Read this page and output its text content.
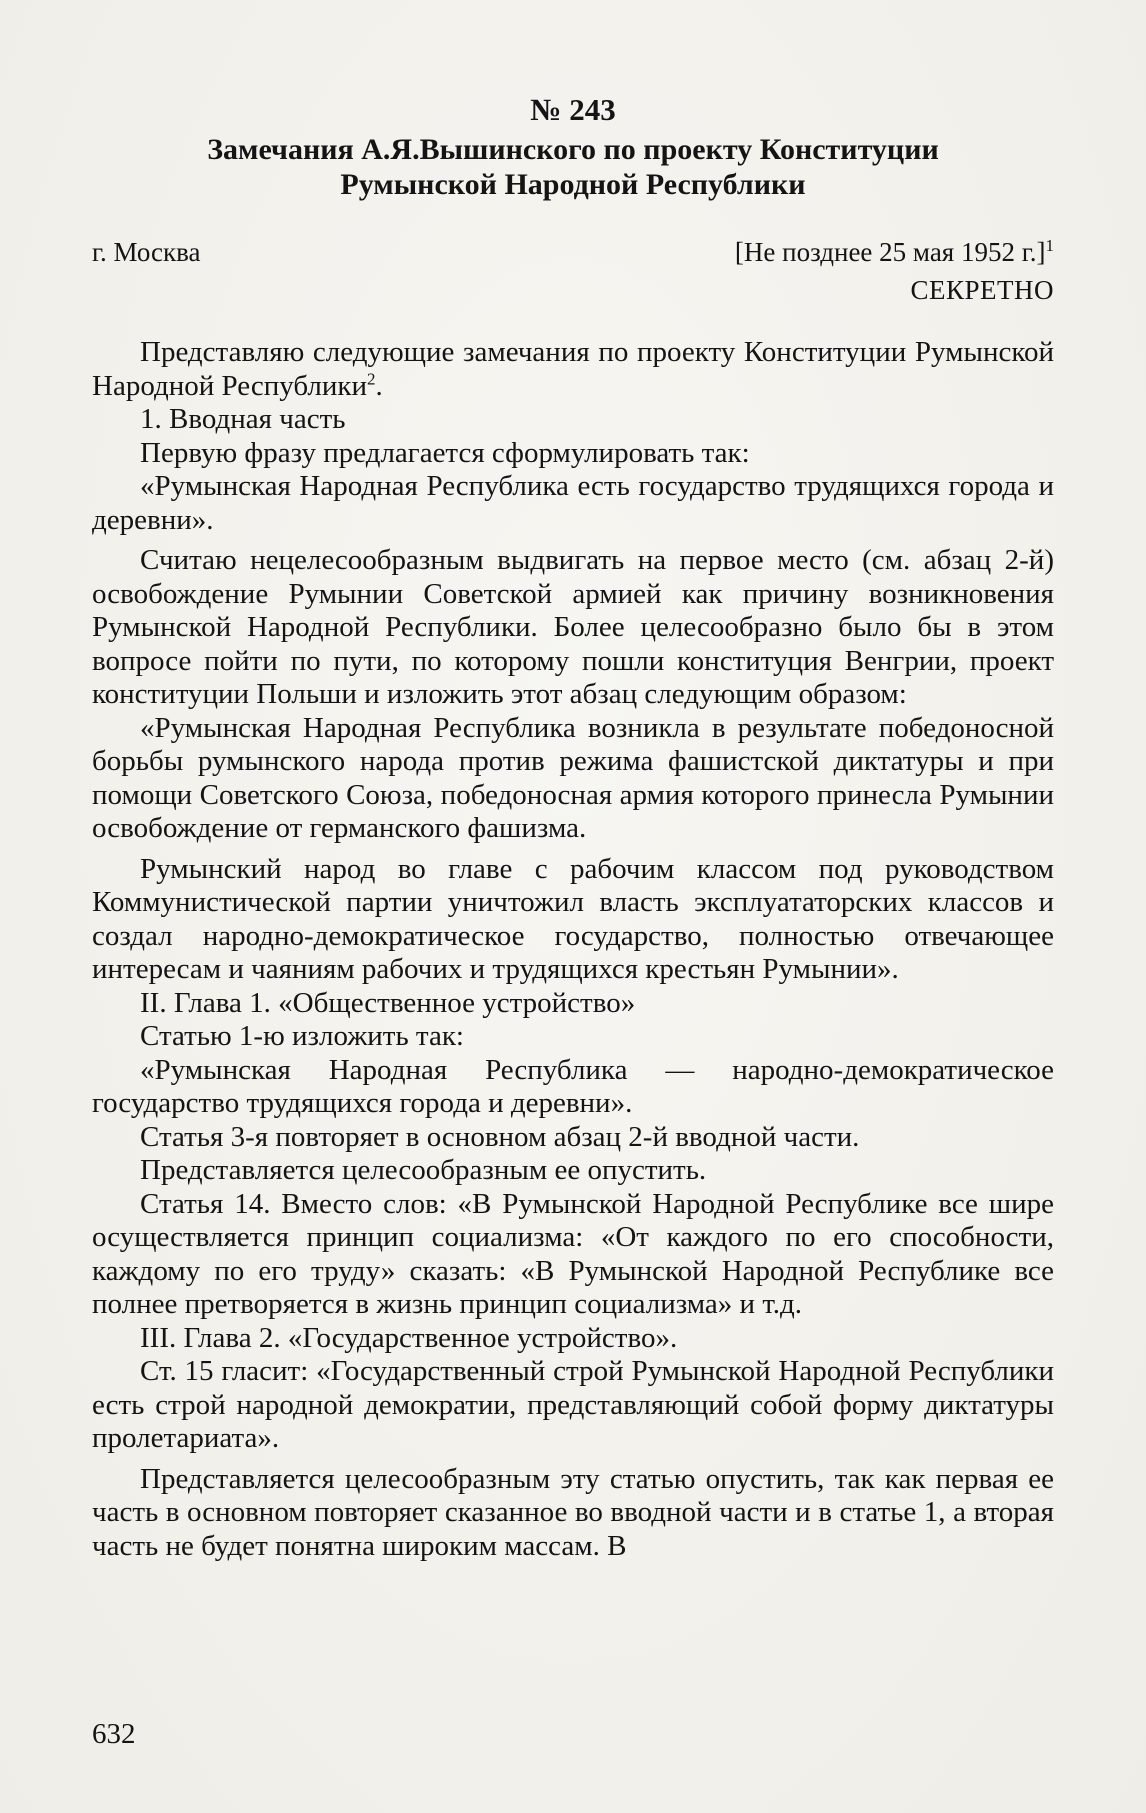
№ 243
Замечания А.Я.Вышинского по проекту Конституции
Румынской Народной Республики
г. Москва	[Не позднее 25 мая 1952 г.]$^1$
СЕКРЕТНО

Представляю следующие замечания по проекту Конституции Румынской Народной Республики$^2$.

1. Вводная часть

Первую фразу предлагается сформулировать так:

«Румынская Народная Республика есть государство трудящихся города и деревни».

Считаю нецелесообразным выдвигать на первое место (см. абзац 2-й) освобождение Румынии Советской армией как причину возникновения Румынской Народной Республики. Более целесообразно было бы в этом вопросе пойти по пути, по которому пошли конституция Венгрии, проект конституции Польши и изложить этот абзац следующим образом:

«Румынская Народная Республика возникла в результате победоносной борьбы румынского народа против режима фашистской диктатуры и при помощи Советского Союза, победоносная армия которого принесла Румынии освобождение от германского фашизма.

Румынский народ во главе с рабочим классом под руководством Коммунистической партии уничтожил власть эксплуататорских классов и создал народно-демократическое государство, полностью отвечающее интересам и чаяниям рабочих и трудящихся крестьян Румынии».

II. Глава 1. «Общественное устройство»

Статью 1-ю изложить так:

«Румынская Народная Республика — народно-демократическое государство трудящихся города и деревни».

Статья 3-я повторяет в основном абзац 2-й вводной части.

Представляется целесообразным ее опустить.

Статья 14. Вместо слов: «В Румынской Народной Республике все шире осуществляется принцип социализма: «От каждого по его способности, каждому по его труду» сказать: «В Румынской Народной Республике все полнее претворяется в жизнь принцип социализма» и т.д.

III. Глава 2. «Государственное устройство».

Ст. 15 гласит: «Государственный строй Румынской Народной Республики есть строй народной демократии, представляющий собой форму диктатуры пролетариата».

Представляется целесообразным эту статью опустить, так как первая ее часть в основном повторяет сказанное во вводной части и в статье 1, а вторая часть не будет понятна широким массам. В

632
